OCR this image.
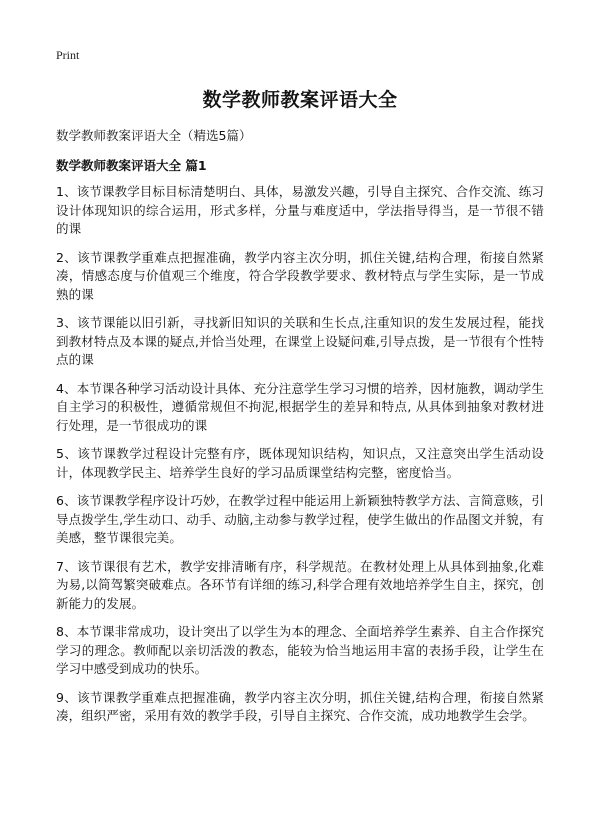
Print
数学教师教案评语大全

数学教师教案评语大全（精选5篇）

数学教师教案评语大全 篇1

1、该节课教学目标目标清楚明白、具体，易激发兴趣，引导自主探究、合作交流、练习设计体现知识的综合运用，形式多样，分量与难度适中，学法指导得当，是一节很不错的课

2、该节课教学重难点把握准确，教学内容主次分明，抓住关键,结构合理，衔接自然紧凑，情感态度与价值观三个维度，符合学段教学要求、教材特点与学生实际，是一节成熟的课

3、该节课能以旧引新，寻找新旧知识的关联和生长点,注重知识的发生发展过程，能找到教材特点及本课的疑点,并恰当处理，在课堂上设疑问难,引导点拨，是一节很有个性特点的课

4、本节课各种学习活动设计具体、充分注意学生学习习惯的培养，因材施教，调动学生自主学习的积极性，遵循常规但不拘泥,根据学生的差异和特点, 从具体到抽象对教材进行处理，是一节很成功的课

5、该节课教学过程设计完整有序，既体现知识结构，知识点，又注意突出学生活动设计，体现教学民主、培养学生良好的学习品质课堂结构完整，密度恰当。

6、该节课教学程序设计巧妙，在教学过程中能运用上新颖独特教学方法、言简意赅，引导点拨学生,学生动口、动手、动脑,主动参与教学过程，使学生做出的作品图文并貌，有美感，整节课很完美。

7、该节课很有艺术，教学安排清晰有序，科学规范。在教材处理上从具体到抽象,化难为易,以简驾繁突破难点。各环节有详细的练习,科学合理有效地培养学生自主，探究，创新能力的发展。

8、本节课非常成功，设计突出了以学生为本的理念、全面培养学生素养、自主合作探究学习的理念。教师配以亲切活泼的教态，能较为恰当地运用丰富的表扬手段，让学生在学习中感受到成功的快乐。

9、该节课教学重难点把握准确，教学内容主次分明，抓住关键,结构合理，衔接自然紧凑，组织严密，采用有效的教学手段，引导自主探究、合作交流，成功地教学生会学。
